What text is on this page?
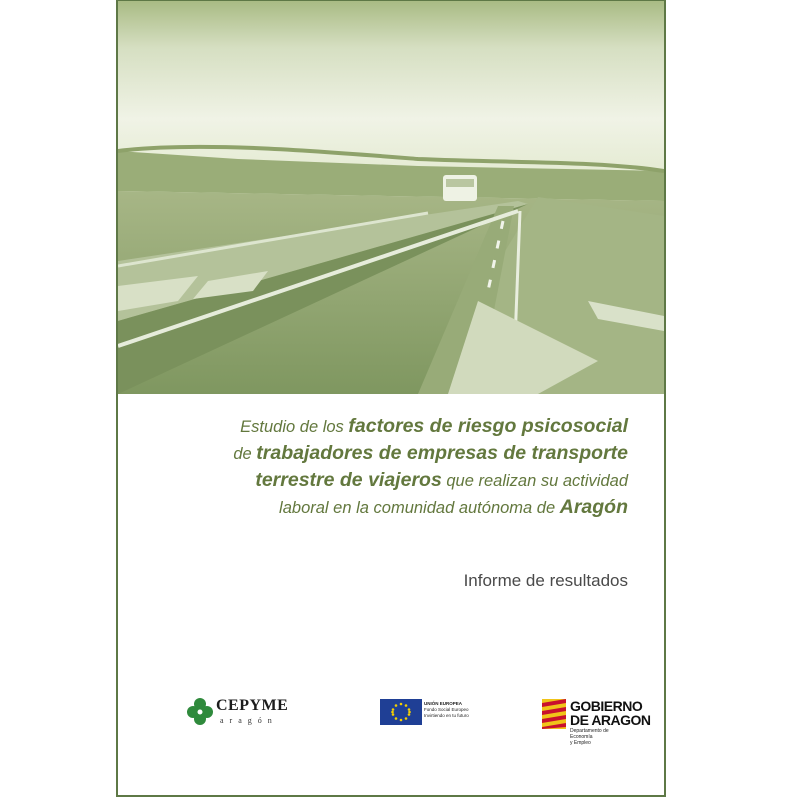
Estudio de los factores de riesgo psicosocial
de trabajadores de empresas de transporte
terrestre de viajeros que realizan su actividad
laboral en la comunidad autónoma de Aragón
Informe de resultados
CEPYME
aragón
UNIÓN EUROPEA
Fondo Social Europeo
Invirtiendo en tu futuro
GOBIERNO
DE ARAGON
Departamento de Economía
y Empleo
